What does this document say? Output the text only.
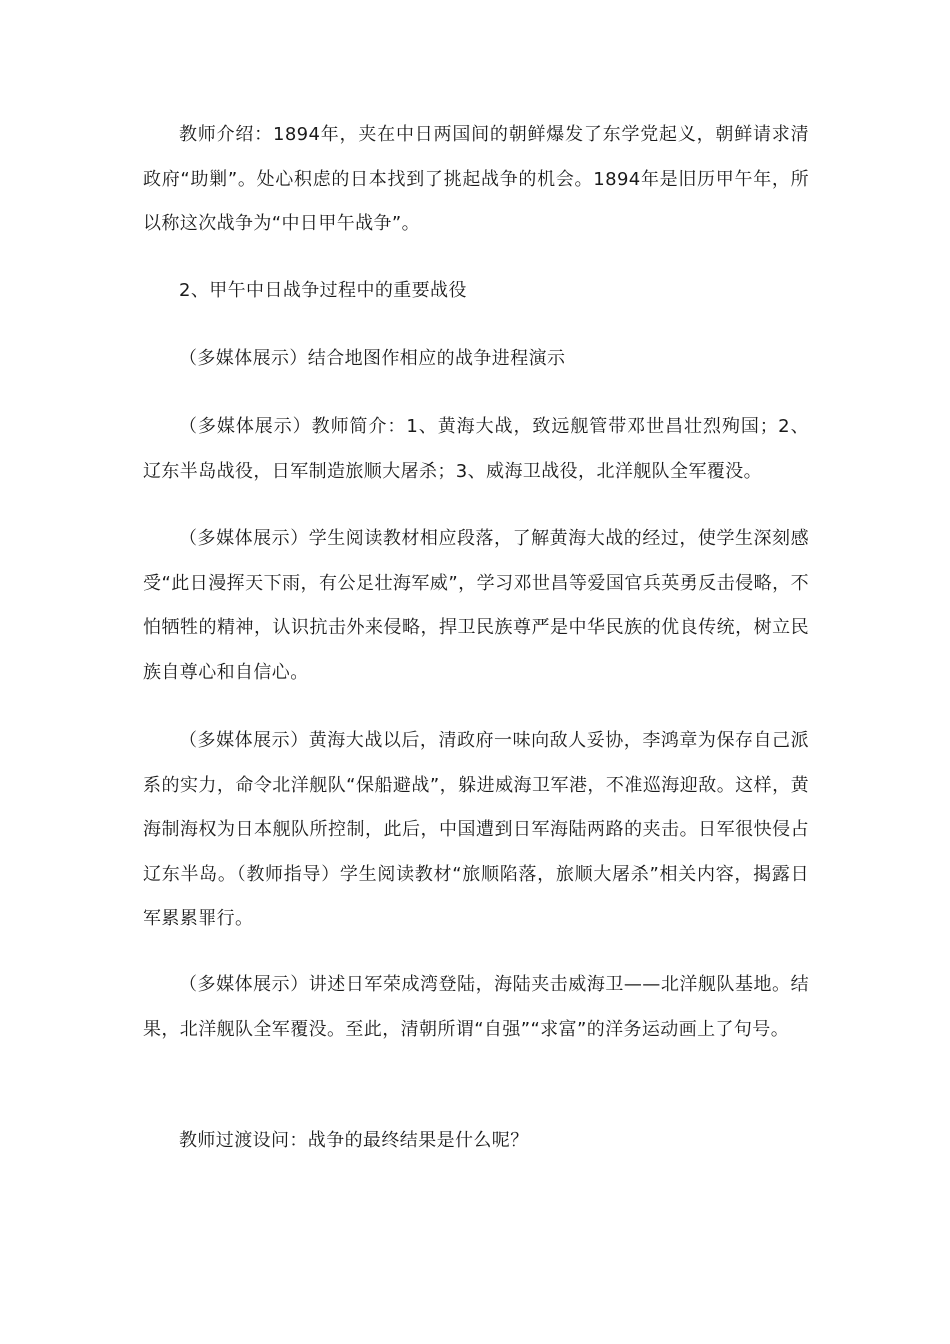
教师介绍：1894年，夹在中日两国间的朝鲜爆发了东学党起义，朝鲜请求清政府“助剿”。处心积虑的日本找到了挑起战争的机会。1894年是旧历甲午年，所以称这次战争为“中日甲午战争”。

2、甲午中日战争过程中的重要战役

（多媒体展示）结合地图作相应的战争进程演示

（多媒体展示）教师简介：1、黄海大战，致远舰管带邓世昌壮烈殉国；2、辽东半岛战役，日军制造旅顺大屠杀；3、威海卫战役，北洋舰队全军覆没。

（多媒体展示）学生阅读教材相应段落，了解黄海大战的经过，使学生深刻感受“此日漫挥天下雨，有公足壮海军威”，学习邓世昌等爱国官兵英勇反击侵略，不怕牺牲的精神，认识抗击外来侵略，捍卫民族尊严是中华民族的优良传统，树立民族自尊心和自信心。

（多媒体展示）黄海大战以后，清政府一味向敌人妥协，李鸿章为保存自己派系的实力，命令北洋舰队“保船避战”，躲进威海卫军港，不准巡海迎敌。这样，黄海制海权为日本舰队所控制，此后，中国遭到日军海陆两路的夹击。日军很快侵占辽东半岛。（教师指导）学生阅读教材“旅顺陷落，旅顺大屠杀”相关内容，揭露日军累累罪行。

（多媒体展示）讲述日军荣成湾登陆，海陆夹击威海卫——北洋舰队基地。结果，北洋舰队全军覆没。至此，清朝所谓“自强”“求富”的洋务运动画上了句号。

教师过渡设问：战争的最终结果是什么呢？
